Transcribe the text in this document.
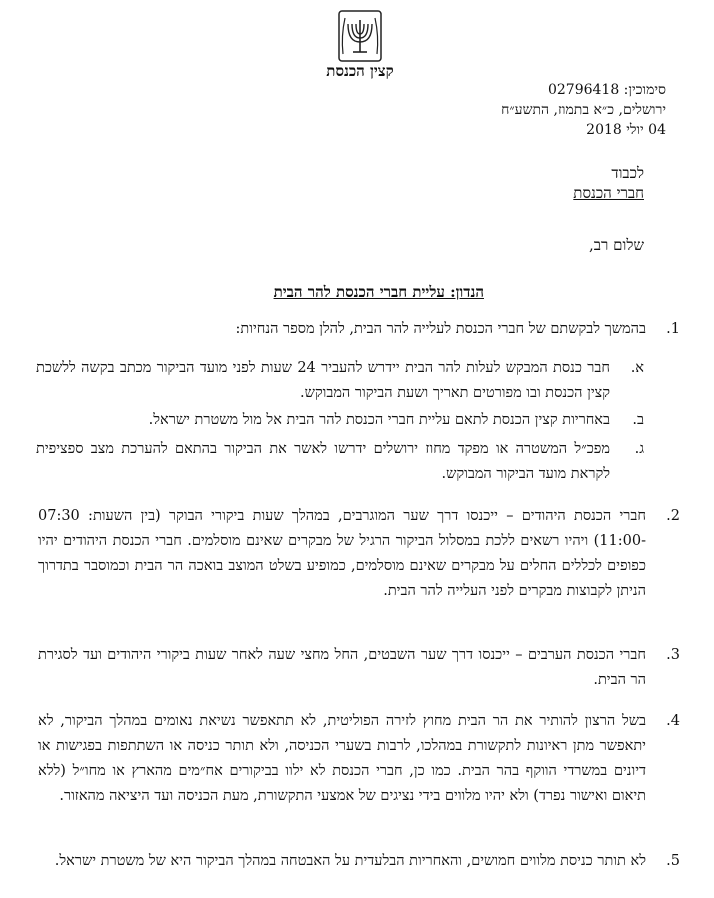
קצין הכנסת
סימוכין: 02796418
ירושלים, כ״א בתמוז, התשע״ח
04 יולי 2018
לכבוד
חברי הכנסת
שלום רב,
הנדון: עליית חברי הכנסת להר הבית
1.
בהמשך לבקשתם של חברי הכנסת לעלייה להר הבית, להלן מספר הנחיות:
א.
חבר כנסת המבקש לעלות להר הבית יידרש להעביר 24 שעות לפני מועד הביקור מכתב בקשה ללשכת קצין הכנסת ובו מפורטים תאריך ושעת הביקור המבוקש.
ב.
באחריות קצין הכנסת לתאם עליית חברי הכנסת להר הבית אל מול משטרת ישראל.
ג.
מפכ״ל המשטרה או מפקד מחוז ירושלים ידרשו לאשר את הביקור בהתאם להערכת מצב ספציפית לקראת מועד הביקור המבוקש.
2.
חברי הכנסת היהודים – ייכנסו דרך שער המוגרבים, במהלך שעות ביקורי הבוקר (בין השעות: 07:30 -11:00) ויהיו רשאים ללכת במסלול הביקור הרגיל של מבקרים שאינם מוסלמים. חברי הכנסת היהודים יהיו כפופים לכללים החלים על מבקרים שאינם מוסלמים, כמופיע בשלט המוצב בואכה הר הבית וכמוסבר בתדרוך הניתן לקבוצות מבקרים לפני העלייה להר הבית.
3.
חברי הכנסת הערבים – ייכנסו דרך שער השבטים, החל מחצי שעה לאחר שעות ביקורי היהודים ועד לסגירת הר הבית.
4.
בשל הרצון להותיר את הר הבית מחוץ לזירה הפוליטית, לא תתאפשר נשיאת נאומים במהלך הביקור, לא יתאפשר מתן ראיונות לתקשורת במהלכו, לרבות בשערי הכניסה, ולא תותר כניסה או השתתפות בפגישות או דיונים במשרדי הווקף בהר הבית. כמו כן, חברי הכנסת לא ילוו בביקורים אח״מים מהארץ או מחו״ל (ללא תיאום ואישור נפרד) ולא יהיו מלווים בידי נציגים של אמצעי התקשורת, מעת הכניסה ועד היציאה מהאזור.
5.
לא תותר כניסת מלווים חמושים, והאחריות הבלעדית על האבטחה במהלך הביקור היא של משטרת ישראל.
